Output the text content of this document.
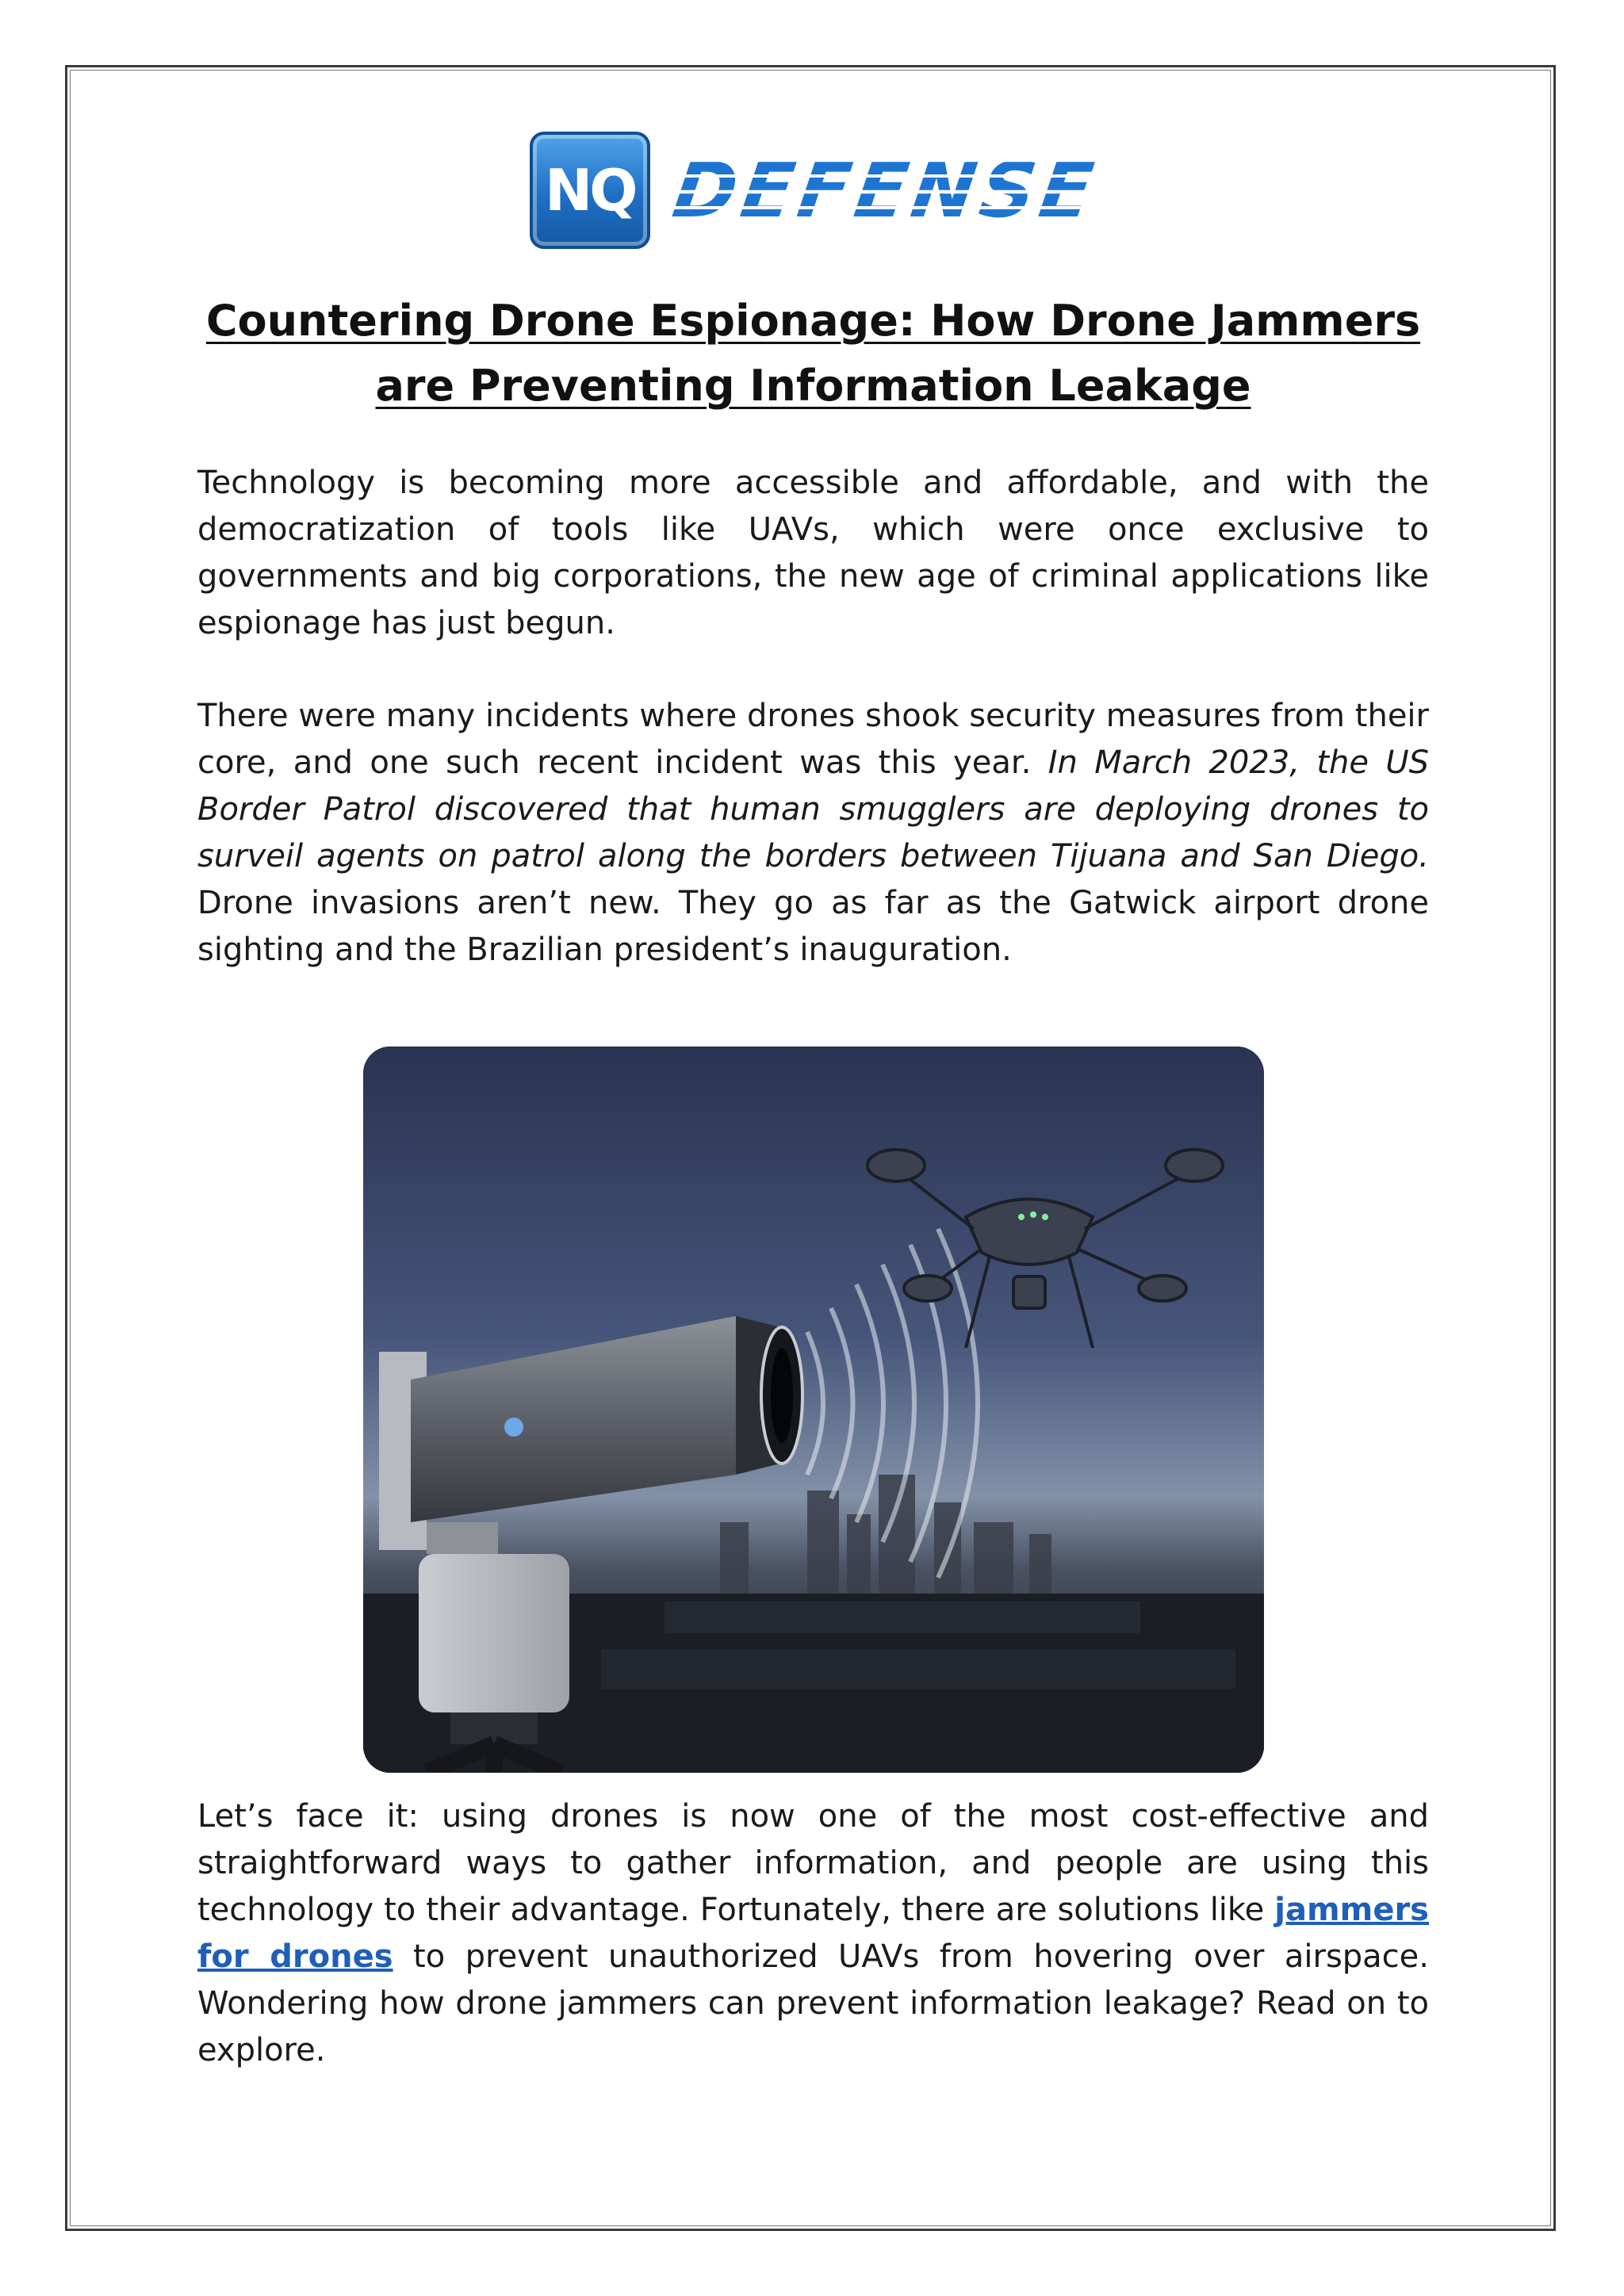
NQ DEFENSE
Countering Drone Espionage: How Drone Jammers are Preventing Information Leakage

Technology is becoming more accessible and affordable, and with the democratization of tools like UAVs, which were once exclusive to governments and big corporations, the new age of criminal applications like espionage has just begun.

There were many incidents where drones shook security measures from their core, and one such recent incident was this year. In March 2023, the US Border Patrol discovered that human smugglers are deploying drones to surveil agents on patrol along the borders between Tijuana and San Diego. Drone invasions aren’t new. They go as far as the Gatwick airport drone sighting and the Brazilian president’s inauguration.

Let’s face it: using drones is now one of the most cost-effective and straightforward ways to gather information, and people are using this technology to their advantage. Fortunately, there are solutions like jammers for drones to prevent unauthorized UAVs from hovering over airspace. Wondering how drone jammers can prevent information leakage? Read on to explore.
